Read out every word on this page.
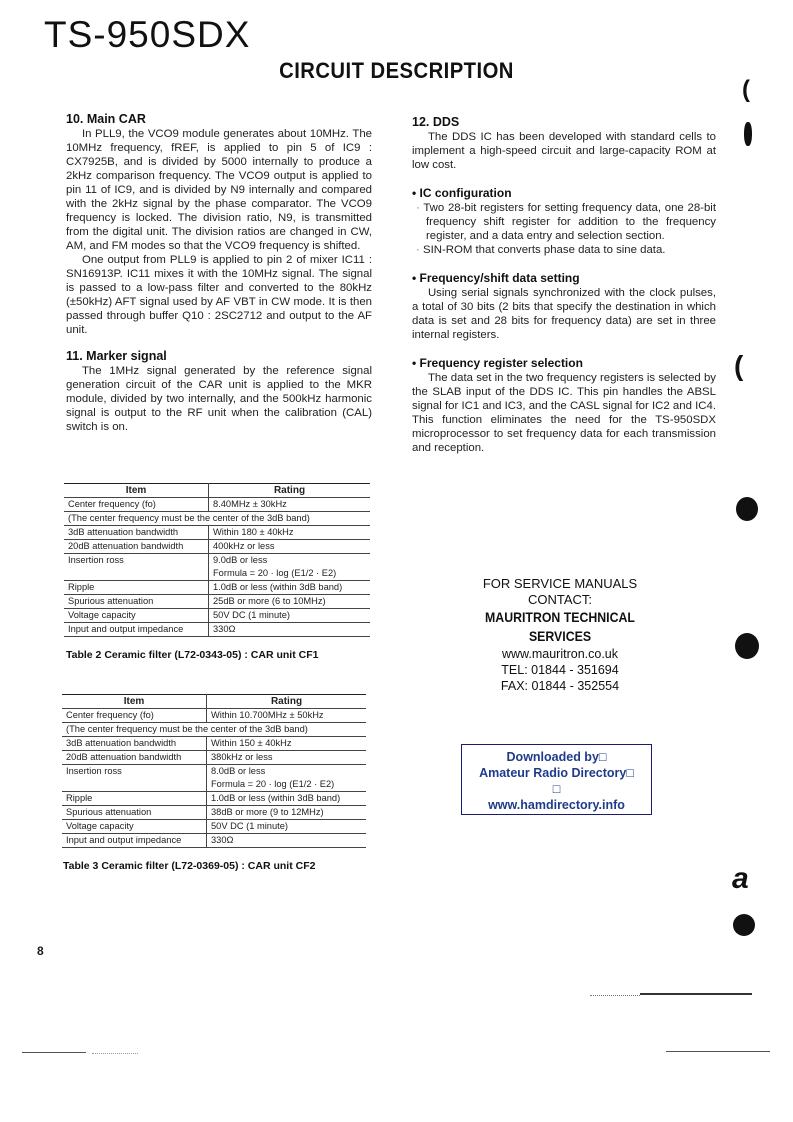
TS-950SDX
CIRCUIT DESCRIPTION
10. Main CAR

In PLL9, the VCO9 module generates about 10MHz. The 10MHz frequency, fREF, is applied to pin 5 of IC9 : CX7925B, and is divided by 5000 internally to produce a 2kHz comparison frequency. The VCO9 output is applied to pin 11 of IC9, and is divided by N9 internally and compared with the 2kHz signal by the phase comparator. The VCO9 frequency is locked. The division ratio, N9, is transmitted from the digital unit. The division ratios are changed in CW, AM, and FM modes so that the VCO9 frequency is shifted.

One output from PLL9 is applied to pin 2 of mixer IC11 : SN16913P. IC11 mixes it with the 10MHz signal. The signal is passed to a low-pass filter and converted to the 80kHz (±50kHz) AFT signal used by AF VBT in CW mode. It is then passed through buffer Q10 : 2SC2712 and output to the AF unit.

11. Marker signal

The 1MHz signal generated by the reference signal generation circuit of the CAR unit is applied to the MKR module, divided by two internally, and the 500kHz harmonic signal is output to the RF unit when the calibration (CAL) switch is on.

Item	Rating
Center frequency (fo)	8.40MHz ± 30kHz
(The center frequency must be the center of the 3dB band)	
3dB attenuation bandwidth	Within 180 ± 40kHz
20dB attenuation bandwidth	400kHz or less
Insertion ross	9.0dB or less
Formula = 20 · log (E1/2 · E2)

Ripple	1.0dB or less (within 3dB band)
Spurious attenuation	25dB or more (6 to 10MHz)
Voltage capacity	50V DC (1 minute)
Input and output impedance	330Ω
Table 2 Ceramic filter (L72-0343-05) : CAR unit CF1
Item	Rating
Center frequency (fo)	Within 10.700MHz ± 50kHz
(The center frequency must be the center of the 3dB band)	
3dB attenuation bandwidth	Within 150 ± 40kHz
20dB attenuation bandwidth	380kHz or less
Insertion ross	8.0dB or less
Formula = 20 · log (E1/2 · E2)

Ripple	1.0dB or less (within 3dB band)
Spurious attenuation	38dB or more (9 to 12MHz)
Voltage capacity	50V DC (1 minute)
Input and output impedance	330Ω
Table 3 Ceramic filter (L72-0369-05) : CAR unit CF2
12. DDS

The DDS IC has been developed with standard cells to implement a high-speed circuit and large-capacity ROM at low cost.

• IC configuration

· Two 28-bit registers for setting frequency data, one 28-bit frequency shift register for addition to the frequency register, and a data entry and selection section.

· SIN-ROM that converts phase data to sine data.

• Frequency/shift data setting

Using serial signals synchronized with the clock pulses, a total of 30 bits (2 bits that specify the destination in which data is set and 28 bits for frequency data) are set in three internal registers.

• Frequency register selection

The data set in the two frequency registers is selected by the SLAB input of the DDS IC. This pin handles the ABSL signal for IC1 and IC3, and the CASL signal for IC2 and IC4. This function eliminates the need for the TS-950SDX microprocessor to set frequency data for each transmission and reception.

FOR SERVICE MANUALS
CONTACT:
MAURITRON TECHNICAL SERVICES
www.mauritron.co.uk
TEL: 01844 - 351694
FAX: 01844 - 352554
Downloaded by□
Amateur Radio Directory□
□
www.hamdirectory.info
8
(
(
a
